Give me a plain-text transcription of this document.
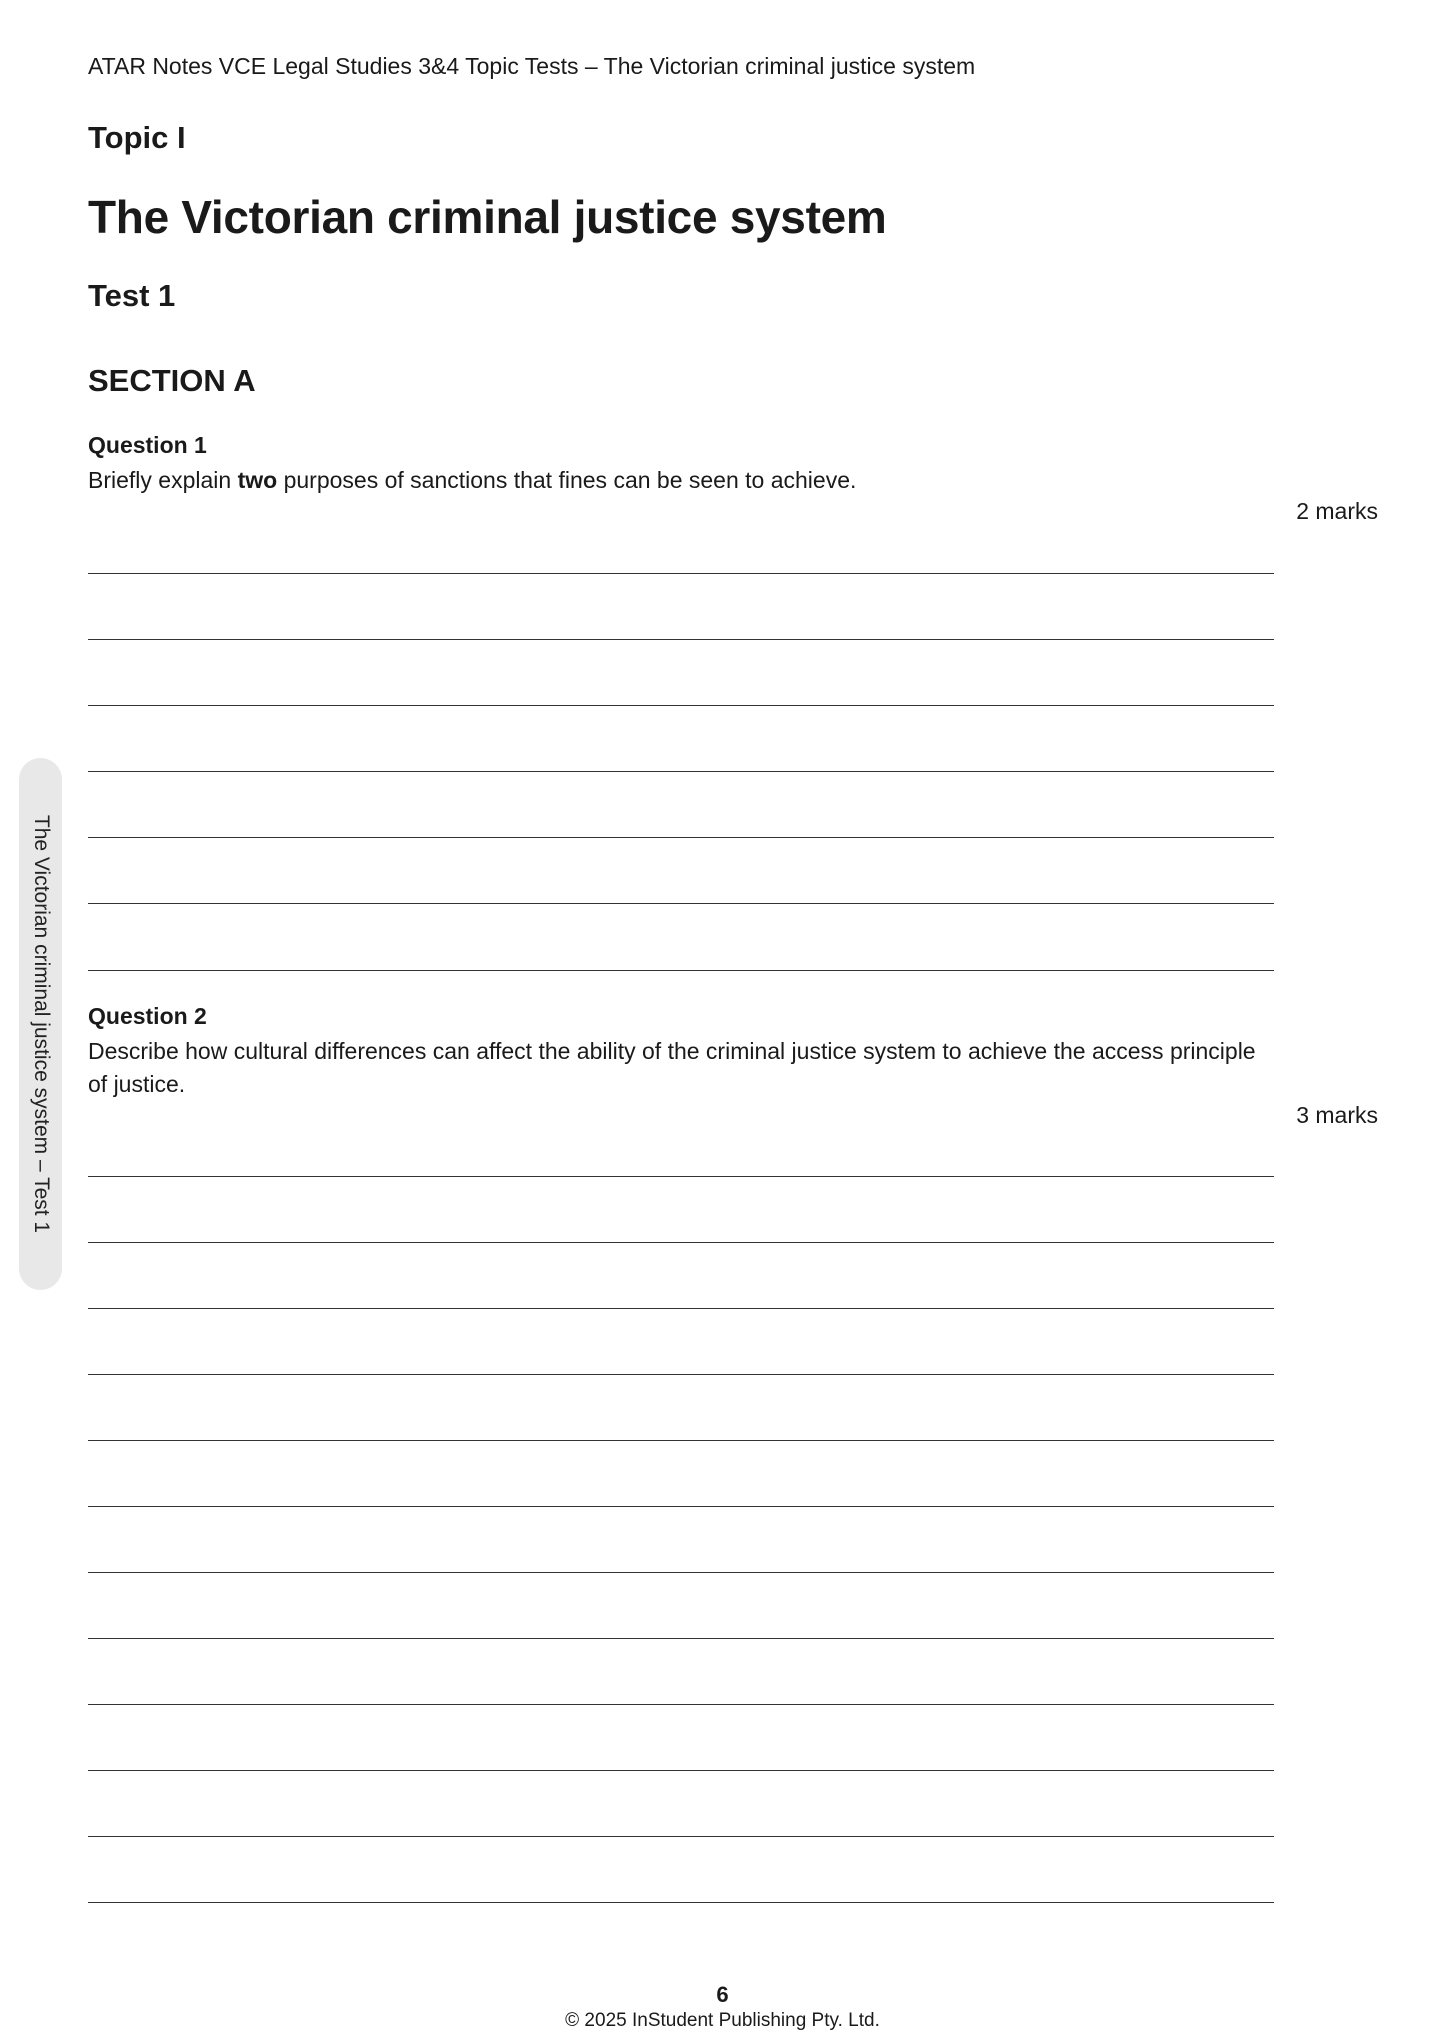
ATAR Notes VCE Legal Studies 3&4 Topic Tests – The Victorian criminal justice system
Topic I
The Victorian criminal justice system
Test 1
SECTION A
Question 1
Briefly explain two purposes of sanctions that fines can be seen to achieve.
2 marks
Question 2
Describe how cultural differences can affect the ability of the criminal justice system to achieve the access principle of justice.
3 marks
The Victorian criminal justice system – Test 1
6
© 2025 InStudent Publishing Pty. Ltd.
